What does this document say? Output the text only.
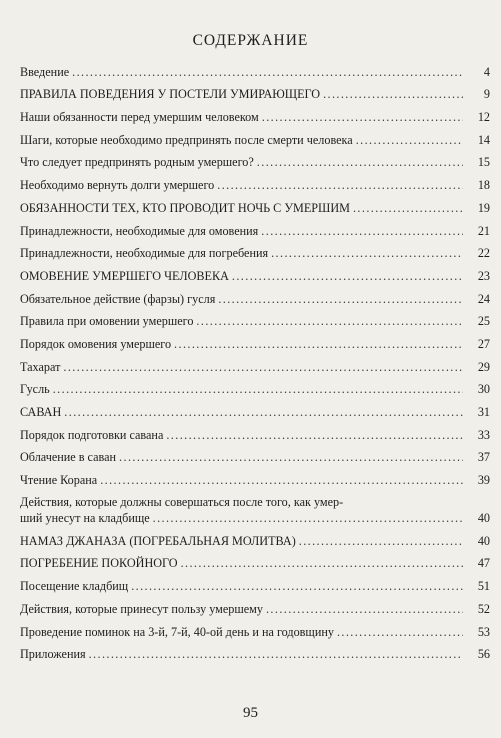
СОДЕРЖАНИЕ
Введение .....	4
ПРАВИЛА ПОВЕДЕНИЯ У ПОСТЕЛИ УМИРАЮЩЕГО .....	9
Наши обязанности перед умершим человеком .....	12
Шаги, которые необходимо предпринять после смерти человека .....	14
Что следует предпринять родным умершего? .....	15
Необходимо вернуть долги умершего .....	18
ОБЯЗАННОСТИ ТЕХ, КТО ПРОВОДИТ НОЧЬ С УМЕРШИМ .....	19
Принадлежности, необходимые для омовения .....	21
Принадлежности, необходимые для погребения .....	22
ОМОВЕНИЕ УМЕРШЕГО ЧЕЛОВЕКА .....	23
Обязательное действие (фарзы) гусля .....	24
Правила при омовении умершего .....	25
Порядок омовения умершего .....	27
Тахарат .....	29
Гусль .....	30
САВАН .....	31
Порядок подготовки савана .....	33
Облачение в саван .....	37
Чтение Корана .....	39
Действия, которые должны совершаться после того, как умер-
ший унесут на кладбище .....	40
НАМАЗ ДЖАНАЗА (ПОГРЕБАЛЬНАЯ МОЛИТВА) .....	40
ПОГРЕБЕНИЕ ПОКОЙНОГО .....	47
Посещение кладбищ .....	51
Действия, которые принесут пользу умершему .....	52
Проведение поминок на 3-й, 7-й, 40-ой день и на годовщину .....	53
Приложения .....	56
95
